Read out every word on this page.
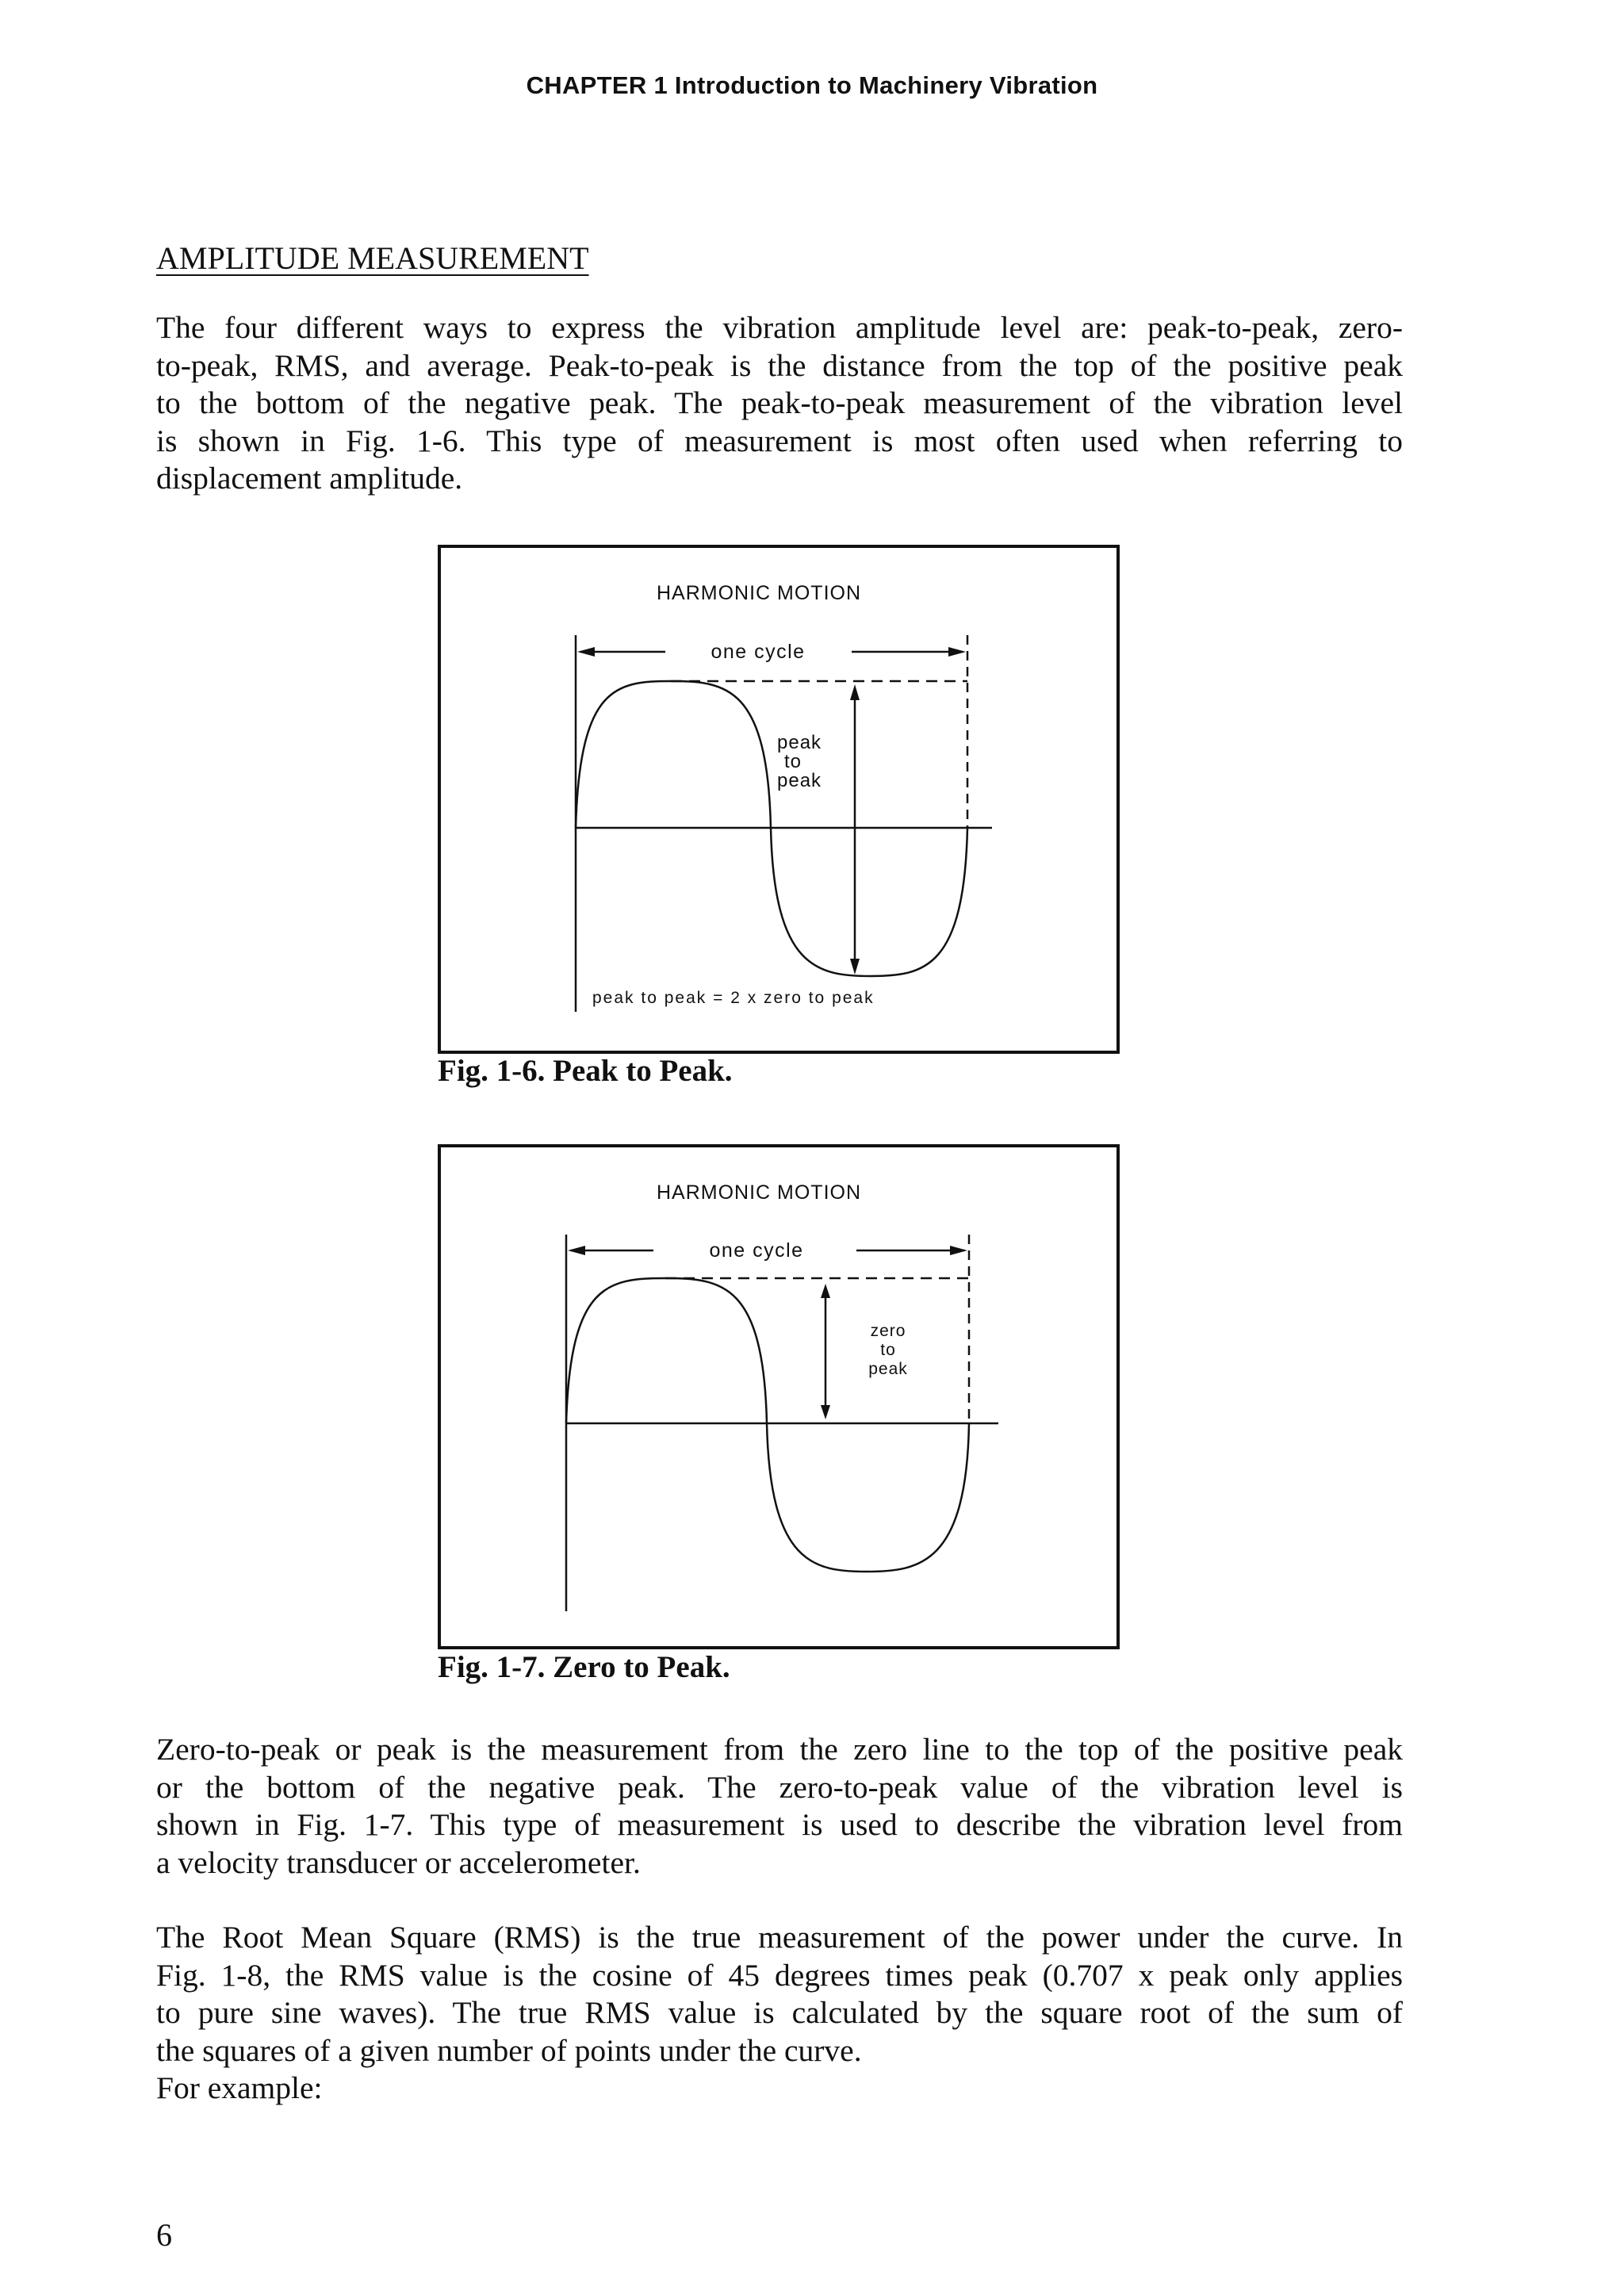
CHAPTER 1 Introduction to Machinery Vibration
AMPLITUDE MEASUREMENT
The four different ways to express the vibration amplitude level are: peak-to-peak, zero-
to-peak, RMS, and average. Peak-to-peak is the distance from the top of the positive peak
to the bottom of the negative peak. The peak-to-peak measurement of the vibration level
is shown in Fig. 1-6. This type of measurement is most often used when referring to
displacement amplitude.
HARMONIC MOTION
one cycle
peak
to
peak
peak to peak = 2 x zero to peak
Fig. 1-6. Peak to Peak.
HARMONIC MOTION
one cycle
zero
to
peak
Fig. 1-7. Zero to Peak.
Zero-to-peak or peak is the measurement from the zero line to the top of the positive peak
or the bottom of the negative peak. The zero-to-peak value of the vibration level is
shown in Fig. 1-7. This type of measurement is used to describe the vibration level from
a velocity transducer or accelerometer.
The Root Mean Square (RMS) is the true measurement of the power under the curve. In
Fig. 1-8, the RMS value is the cosine of 45 degrees times peak (0.707 x peak only applies
to pure sine waves). The true RMS value is calculated by the square root of the sum of
the squares of a given number of points under the curve.
For example:
6
